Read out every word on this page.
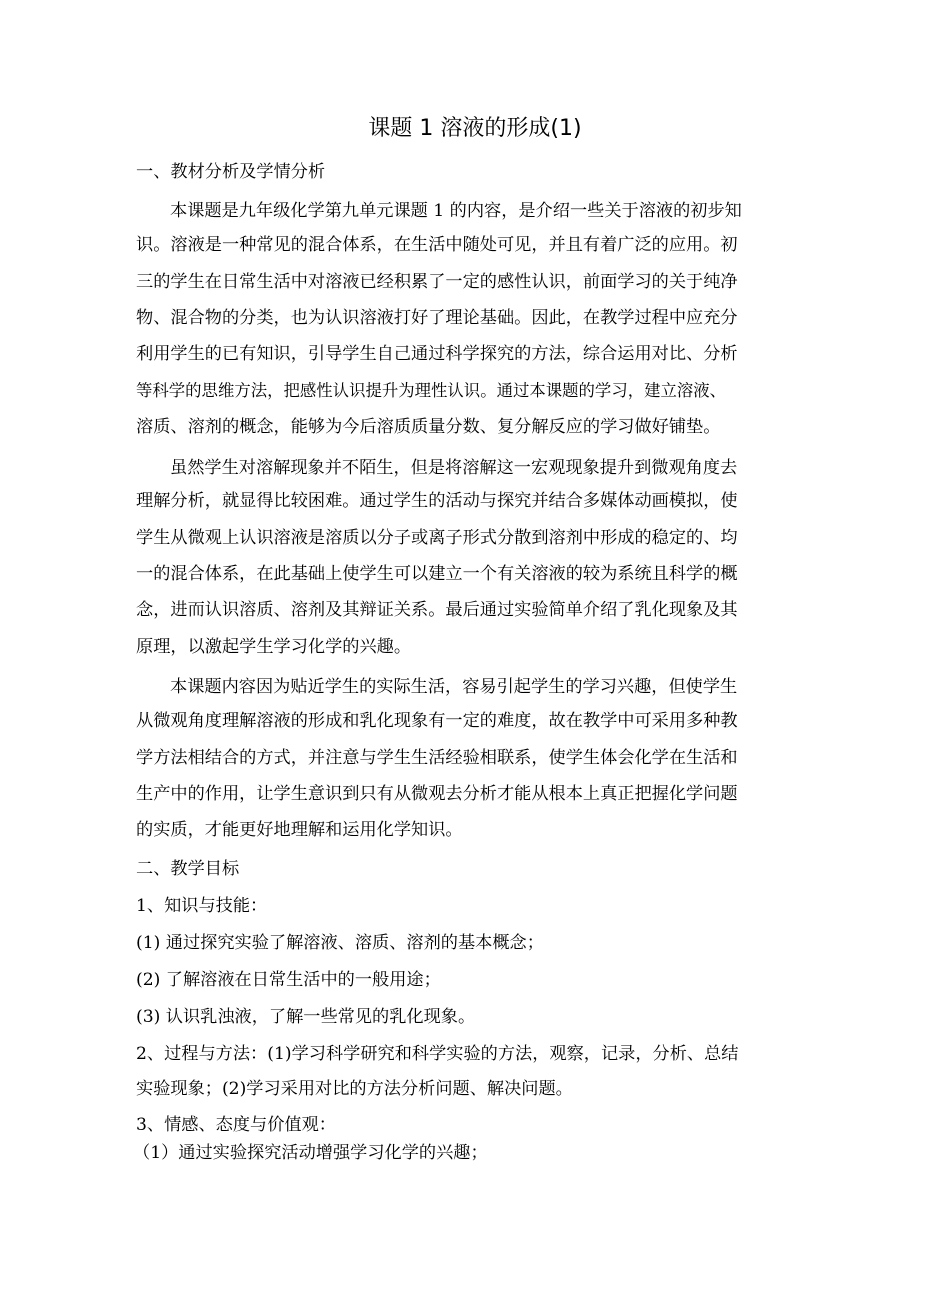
课题 1 溶液的形成(1)
一、教材分析及学情分析
本课题是九年级化学第九单元课题 1 的内容，是介绍一些关于溶液的初步知
识。溶液是一种常见的混合体系，在生活中随处可见，并且有着广泛的应用。初
三的学生在日常生活中对溶液已经积累了一定的感性认识，前面学习的关于纯净
物、混合物的分类，也为认识溶液打好了理论基础。因此，在教学过程中应充分
利用学生的已有知识，引导学生自己通过科学探究的方法，综合运用对比、分析
等科学的思维方法，把感性认识提升为理性认识。通过本课题的学习，建立溶液、
溶质、溶剂的概念，能够为今后溶质质量分数、复分解反应的学习做好铺垫。
虽然学生对溶解现象并不陌生，但是将溶解这一宏观现象提升到微观角度去
理解分析，就显得比较困难。通过学生的活动与探究并结合多媒体动画模拟，使
学生从微观上认识溶液是溶质以分子或离子形式分散到溶剂中形成的稳定的、均
一的混合体系，在此基础上使学生可以建立一个有关溶液的较为系统且科学的概
念，进而认识溶质、溶剂及其辩证关系。最后通过实验简单介绍了乳化现象及其
原理，以激起学生学习化学的兴趣。
本课题内容因为贴近学生的实际生活，容易引起学生的学习兴趣，但使学生
从微观角度理解溶液的形成和乳化现象有一定的难度，故在教学中可采用多种教
学方法相结合的方式，并注意与学生生活经验相联系，使学生体会化学在生活和
生产中的作用，让学生意识到只有从微观去分析才能从根本上真正把握化学问题
的实质，才能更好地理解和运用化学知识。
二、教学目标
1、知识与技能：
(1) 通过探究实验了解溶液、溶质、溶剂的基本概念；
(2) 了解溶液在日常生活中的一般用途；
(3) 认识乳浊液，了解一些常见的乳化现象。
2、过程与方法：(1)学习科学研究和科学实验的方法，观察，记录，分析、总结
实验现象；(2)学习采用对比的方法分析问题、解决问题。
3、情感、态度与价值观：
（1）通过实验探究活动增强学习化学的兴趣；
